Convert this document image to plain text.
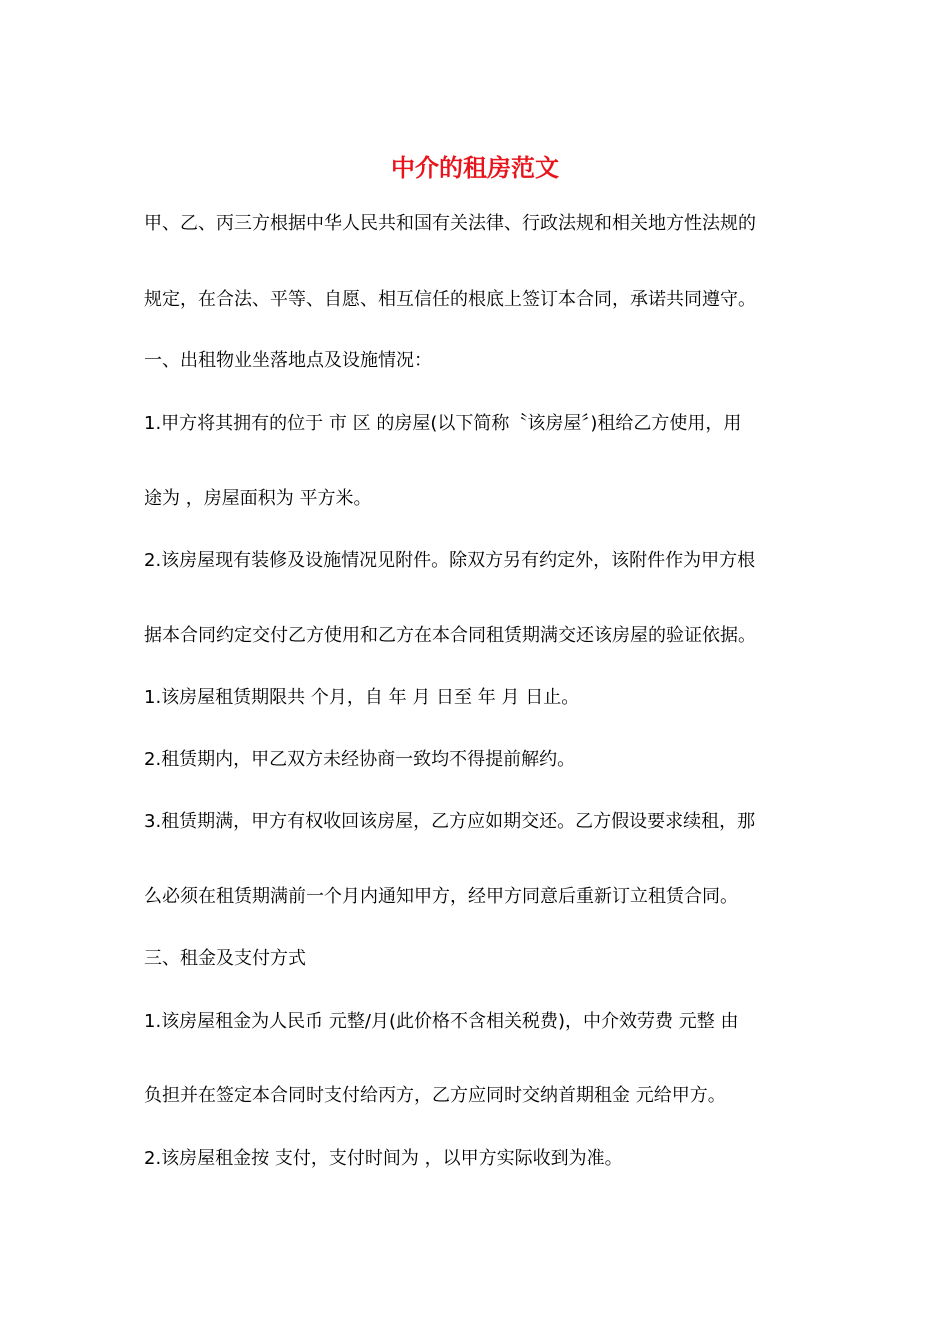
中介的租房范文

甲、乙、丙三方根据中华人民共和国有关法律、行政法规和相关地方性法规的

规定，在合法、平等、自愿、相互信任的根底上签订本合同，承诺共同遵守。

一、出租物业坐落地点及设施情况：

1.甲方将其拥有的位于 市 区 的房屋(以下简称〝该房屋〞)租给乙方使用，用

途为 ，房屋面积为 平方米。

2.该房屋现有装修及设施情况见附件。除双方另有约定外，该附件作为甲方根

据本合同约定交付乙方使用和乙方在本合同租赁期满交还该房屋的验证依据。

1.该房屋租赁期限共 个月，自 年 月 日至 年 月 日止。

2.租赁期内，甲乙双方未经协商一致均不得提前解约。

3.租赁期满，甲方有权收回该房屋，乙方应如期交还。乙方假设要求续租，那

么必须在租赁期满前一个月内通知甲方，经甲方同意后重新订立租赁合同。

三、租金及支付方式

1.该房屋租金为人民币 元整/月(此价格不含相关税费)，中介效劳费 元整 由

负担并在签定本合同时支付给丙方，乙方应同时交纳首期租金 元给甲方。

2.该房屋租金按 支付，支付时间为 ，以甲方实际收到为准。
